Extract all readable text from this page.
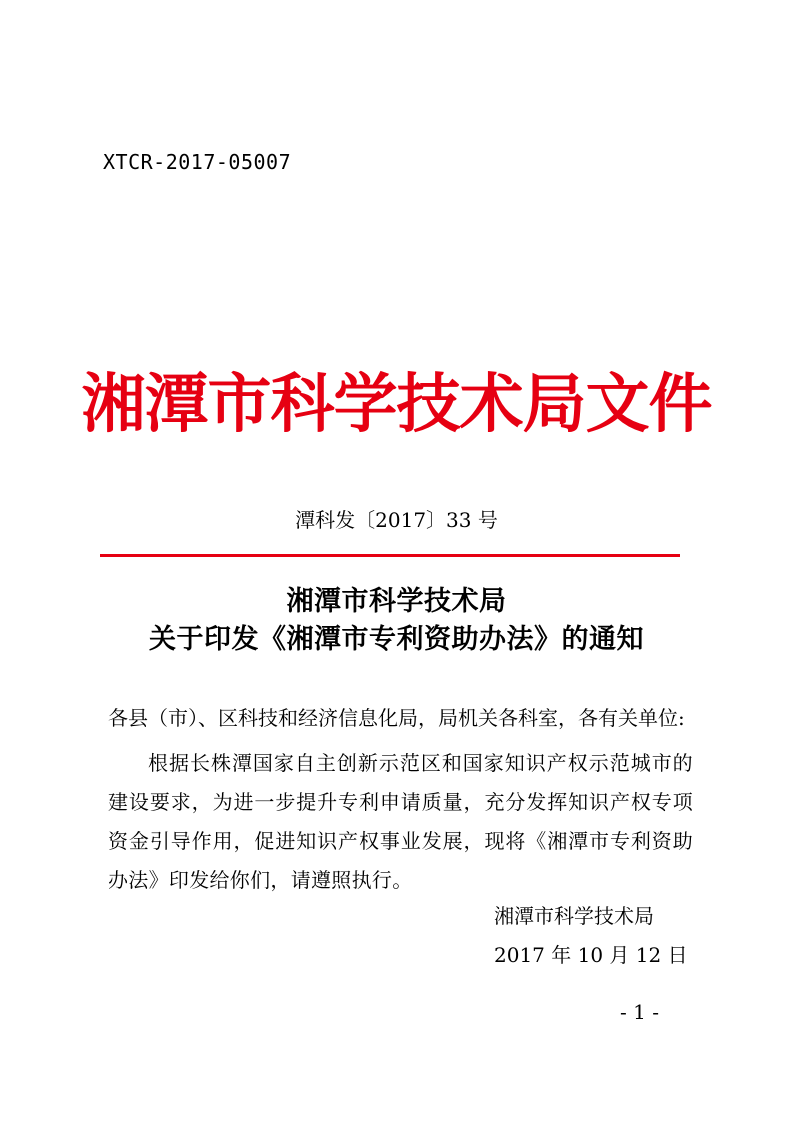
XTCR-2017-05007
湘潭市科学技术局文件
潭科发〔2017〕33 号
湘潭市科学技术局
关于印发《湘潭市专利资助办法》的通知
各县（市）、区科技和经济信息化局，局机关各科室，各有关单位:
根据长株潭国家自主创新示范区和国家知识产权示范城市的建设要求，为进一步提升专利申请质量，充分发挥知识产权专项资金引导作用，促进知识产权事业发展，现将《湘潭市专利资助办法》印发给你们，请遵照执行。
湘潭市科学技术局
2017 年 10 月 12 日
- 1 -
